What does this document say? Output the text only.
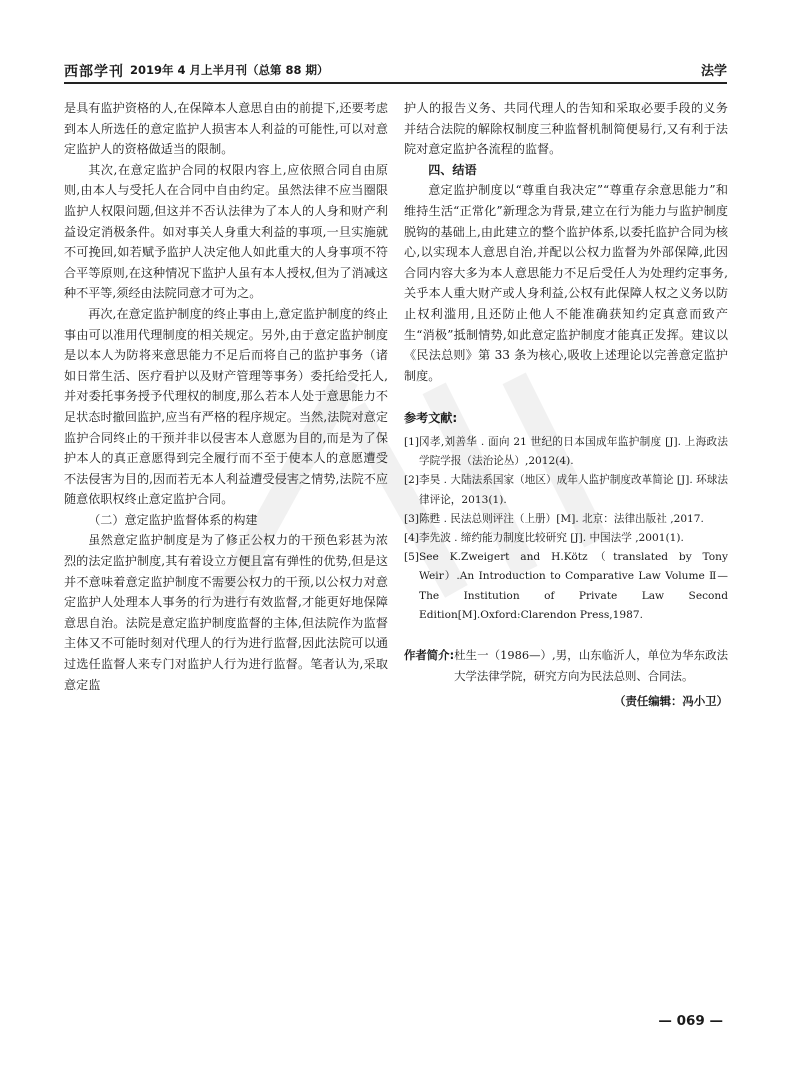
西部学刊 2019年 4 月上半月刊（总第 88 期）	法学

是具有监护资格的人,在保障本人意思自由的前提下,还要考虑到本人所选任的意定监护人损害本人利益的可能性,可以对意定监护人的资格做适当的限制。

其次,在意定监护合同的权限内容上,应依照合同自由原则,由本人与受托人在合同中自由约定。虽然法律不应当圈限监护人权限问题,但这并不否认法律为了本人的人身和财产利益设定消极条件。如对事关人身重大利益的事项,一旦实施就不可挽回,如若赋予监护人决定他人如此重大的人身事项不符合平等原则,在这种情况下监护人虽有本人授权,但为了消减这种不平等,须经由法院同意才可为之。

再次,在意定监护制度的终止事由上,意定监护制度的终止事由可以准用代理制度的相关规定。另外,由于意定监护制度是以本人为防将来意思能力不足后而将自己的监护事务（诸如日常生活、医疗看护以及财产管理等事务）委托给受托人,并对委托事务授予代理权的制度,那么若本人处于意思能力不足状态时撤回监护,应当有严格的程序规定。当然,法院对意定监护合同终止的干预并非以侵害本人意愿为目的,而是为了保护本人的真正意愿得到完全履行而不至于使本人的意愿遭受不法侵害为目的,因而若无本人利益遭受侵害之情势,法院不应随意依职权终止意定监护合同。

（二）意定监护监督体系的构建

虽然意定监护制度是为了修正公权力的干预色彩甚为浓烈的法定监护制度,其有着设立方便且富有弹性的优势,但是这并不意味着意定监护制度不需要公权力的干预,以公权力对意定监护人处理本人事务的行为进行有效监督,才能更好地保障意思自治。法院是意定监护制度监督的主体,但法院作为监督主体又不可能时刻对代理人的行为进行监督,因此法院可以通过选任监督人来专门对监护人行为进行监督。笔者认为,采取意定监

护人的报告义务、共同代理人的告知和采取必要手段的义务并结合法院的解除权制度三种监督机制简便易行,又有利于法院对意定监护各流程的监督。

四、结语

意定监护制度以“尊重自我决定”“尊重存余意思能力”和维持生活“正常化”新理念为背景,建立在行为能力与监护制度脱钩的基础上,由此建立的整个监护体系,以委托监护合同为核心,以实现本人意思自治,并配以公权力监督为外部保障,此因合同内容大多为本人意思能力不足后受任人为处理约定事务,关乎本人重大财产或人身利益,公权有此保障人权之义务以防止权利滥用,且还防止他人不能准确获知约定真意而致产生“消极”抵制情势,如此意定监护制度才能真正发挥。建议以《民法总则》第 33 条为核心,吸收上述理论以完善意定监护制度。

参考文献:

[1] 冈孝,刘善华 . 面向 21 世纪的日本国成年监护制度 [J]. 上海政法学院学报（法治论丛）,2012(4).
[2] 李昊 . 大陆法系国家（地区）成年人监护制度改革简论 [J]. 环球法律评论，2013(1).
[3] 陈甦 . 民法总则评注（上册）[M]. 北京：法律出版社 ,2017.
[4] 李先波 . 缔约能力制度比较研究 [J]. 中国法学 ,2001(1).
[5] See K.Zweigert and H.Kötz（translated by Tony Weir）.An Introduction to Comparative Law Volume Ⅱ—The Institution of Private Law Second Edition[M].Oxford:Clarendon Press,1987.
作者简介: 杜生一（1986—）,男，山东临沂人，单位为华东政法大学法律学院，研究方向为民法总则、合同法。

（责任编辑：冯小卫）

— 069 —
